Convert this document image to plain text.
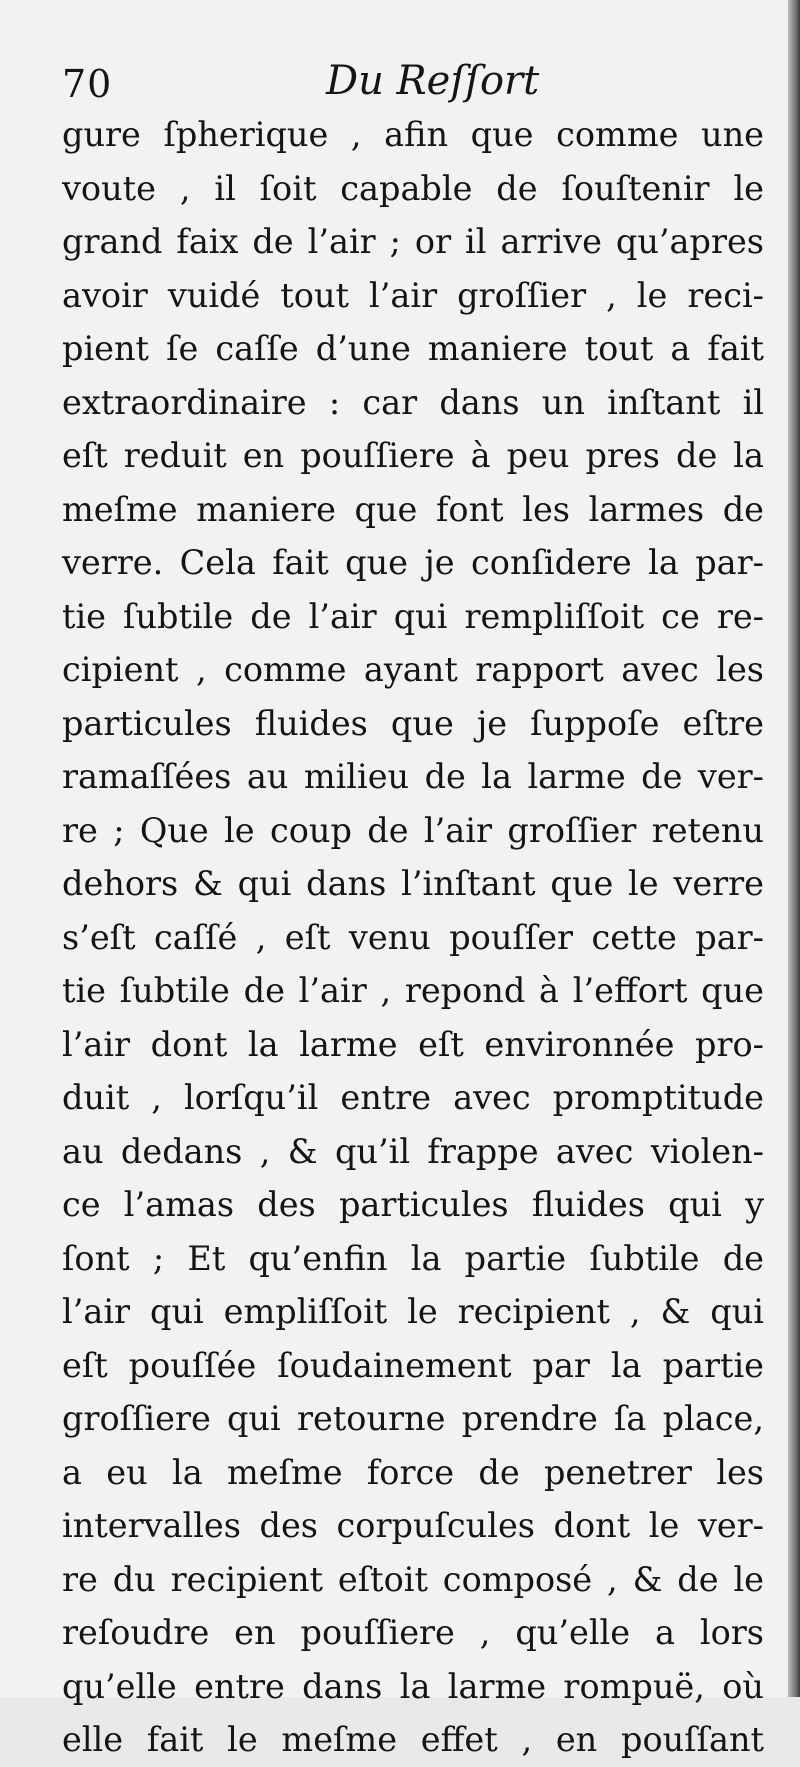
70	Du Reſſort
gure ſpherique , afin que comme une
voute , il ſoit capable de ſouſtenir le
grand faix de l’air ; or il arrive qu’apres
avoir vuidé tout l’air groſſier , le reci-
pient ſe caſſe d’une maniere tout a fait
extraordinaire : car dans un inſtant il
eſt reduit en pouſſiere à peu pres de la
meſme maniere que font les larmes de
verre. Cela fait que je conſidere la par-
tie ſubtile de l’air qui rempliſſoit ce re-
cipient , comme ayant rapport avec les
particules fluides que je ſuppoſe eſtre
ramaſſées au milieu de la larme de ver-
re ; Que le coup de l’air groſſier retenu
dehors & qui dans l’inſtant que le verre
s’eſt caſſé , eſt venu pouſſer cette par-
tie ſubtile de l’air , repond à l’effort que
l’air dont la larme eſt environnée pro-
duit , lorſqu’il entre avec promptitude
au dedans , & qu’il frappe avec violen-
ce l’amas des particules fluides qui y
ſont ; Et qu’enfin la partie ſubtile de
l’air qui empliſſoit le recipient , & qui
eſt pouſſée ſoudainement par la partie
groſſiere qui retourne prendre ſa place,
a eu la meſme force de penetrer les
intervalles des corpuſcules dont le ver-
re du recipient eſtoit composé , & de le
reſoudre en pouſſiere , qu’elle a lors
qu’elle entre dans la larme rompuë, où
elle fait le meſme effet , en pouſſant
